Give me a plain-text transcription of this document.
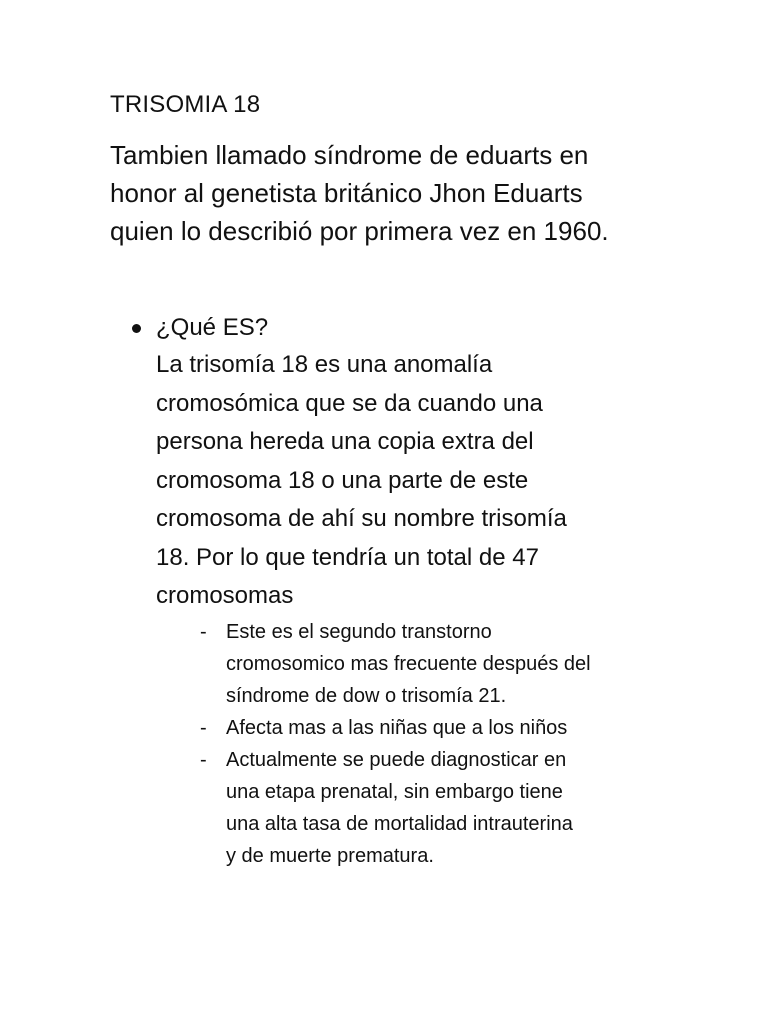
TRISOMIA 18
Tambien llamado síndrome de eduarts en
honor al genetista británico Jhon Eduarts
quien lo describió por primera vez en 1960.
¿Qué ES?
La trisomía 18 es una anomalía
cromosómica que se da cuando una
persona hereda una copia extra del
cromosoma 18 o una parte de este
cromosoma de ahí su nombre trisomía
18. Por lo que tendría un total de 47
cromosomas
- Este es el segundo transtorno
cromosomico mas frecuente después del
síndrome de dow o trisomía 21.
- Afecta mas a las niñas que a los niños
- Actualmente se puede diagnosticar en
una etapa prenatal, sin embargo tiene
una alta tasa de mortalidad intrauterina
y de muerte prematura.
